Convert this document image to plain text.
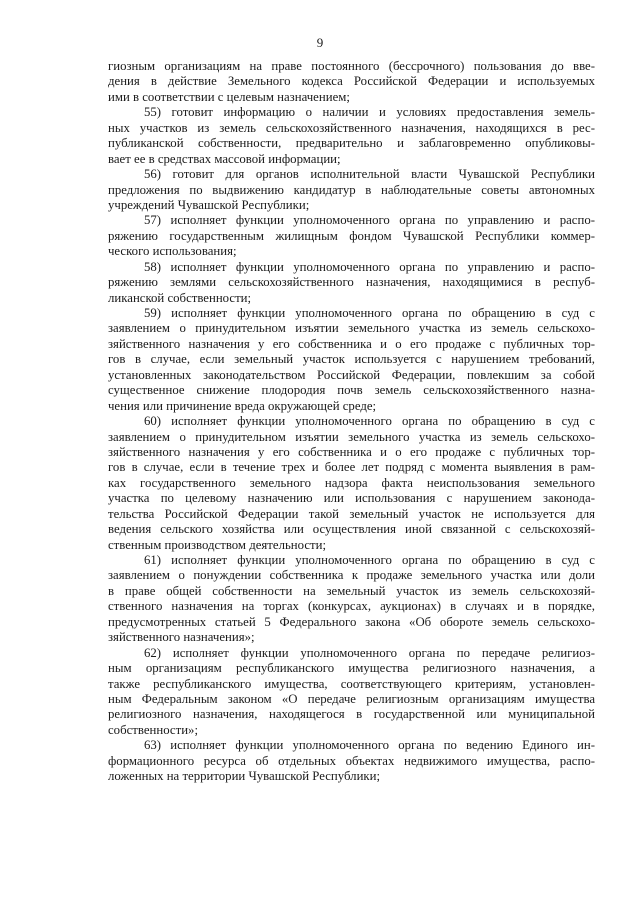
9
гиозным организациям на праве постоянного (бессрочного) пользования до вве-
дения в действие Земельного кодекса Российской Федерации и используемых
ими в соответствии с целевым назначением;
55) готовит информацию о наличии и условиях предоставления земель-
ных участков из земель сельскохозяйственного назначения, находящихся в рес-
публиканской собственности, предварительно и заблаговременно опубликовы-
вает ее в средствах массовой информации;
56) готовит для органов исполнительной власти Чувашской Республики
предложения по выдвижению кандидатур в наблюдательные советы автономных
учреждений Чувашской Республики;
57) исполняет функции уполномоченного органа по управлению и распо-
ряжению государственным жилищным фондом Чувашской Республики коммер-
ческого использования;
58) исполняет функции уполномоченного органа по управлению и распо-
ряжению землями сельскохозяйственного назначения, находящимися в респуб-
ликанской собственности;
59) исполняет функции уполномоченного органа по обращению в суд с
заявлением о принудительном изъятии земельного участка из земель сельскохо-
зяйственного назначения у его собственника и о его продаже с публичных тор-
гов в случае, если земельный участок используется с нарушением требований,
установленных законодательством Российской Федерации, повлекшим за собой
существенное снижение плодородия почв земель сельскохозяйственного назна-
чения или причинение вреда окружающей среде;
60) исполняет функции уполномоченного органа по обращению в суд с
заявлением о принудительном изъятии земельного участка из земель сельскохо-
зяйственного назначения у его собственника и о его продаже с публичных тор-
гов в случае, если в течение трех и более лет подряд с момента выявления в рам-
ках государственного земельного надзора факта неиспользования земельного
участка по целевому назначению или использования с нарушением законода-
тельства Российской Федерации такой земельный участок не используется для
ведения сельского хозяйства или осуществления иной связанной с сельскохозяй-
ственным производством деятельности;
61) исполняет функции уполномоченного органа по обращению в суд с
заявлением о понуждении собственника к продаже земельного участка или доли
в праве общей собственности на земельный участок из земель сельскохозяй-
ственного назначения на торгах (конкурсах, аукционах) в случаях и в порядке,
предусмотренных статьей 5 Федерального закона «Об обороте земель сельскохо-
зяйственного назначения»;
62) исполняет функции уполномоченного органа по передаче религиоз-
ным организациям республиканского имущества религиозного назначения, а
также республиканского имущества, соответствующего критериям, установлен-
ным Федеральным законом «О передаче религиозным организациям имущества
религиозного назначения, находящегося в государственной или муниципальной
собственности»;
63) исполняет функции уполномоченного органа по ведению Единого ин-
формационного ресурса об отдельных объектах недвижимого имущества, распо-
ложенных на территории Чувашской Республики;
